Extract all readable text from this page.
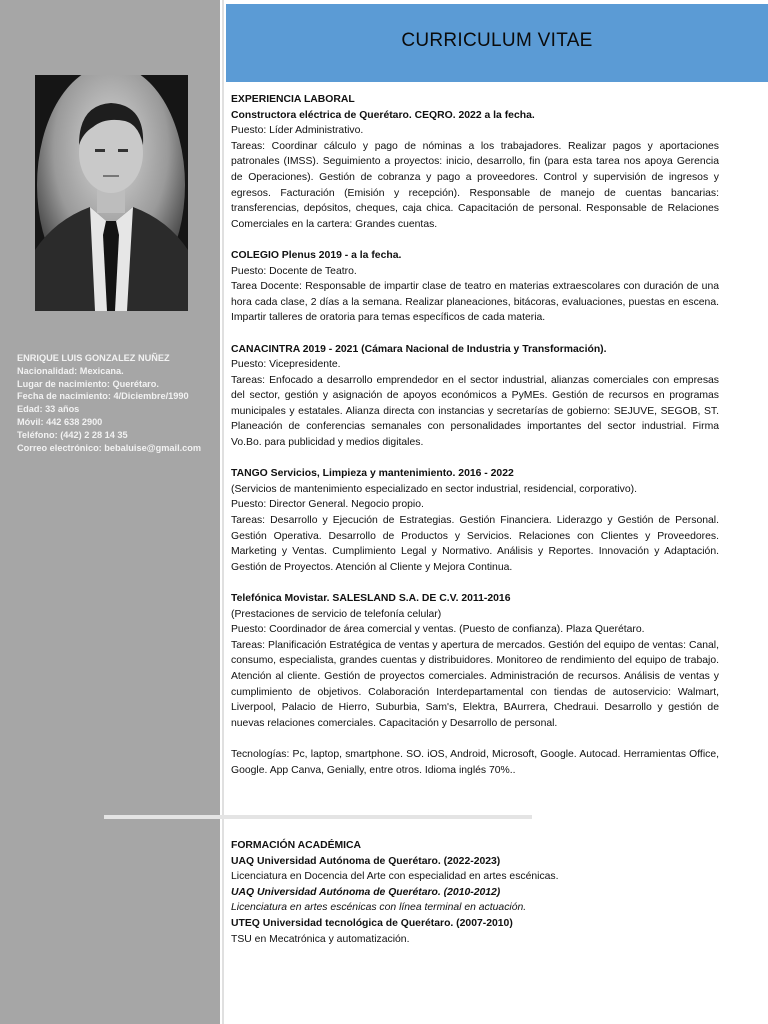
ENRIQUE LUIS GONZALEZ NUÑEZ
Nacionalidad: Mexicana.
Lugar de nacimiento: Querétaro.
Fecha de nacimiento: 4/Diciembre/1990
Edad: 33 años
Móvil: 442 638 2900
Teléfono: (442) 2 28 14 35
Correo electrónico: bebaluise@gmail.com
CURRICULUM VITAE

EXPERIENCIA LABORAL

Constructora eléctrica de Querétaro. CEQRO. 2022 a la fecha.

Puesto: Líder Administrativo.

Tareas: Coordinar cálculo y pago de nóminas a los trabajadores. Realizar pagos y aportaciones patronales (IMSS). Seguimiento a proyectos: inicio, desarrollo, fin (para esta tarea nos apoya Gerencia de Operaciones). Gestión de cobranza y pago a proveedores. Control y supervisión de ingresos y egresos. Facturación (Emisión y recepción). Responsable de manejo de cuentas bancarias: transferencias, depósitos, cheques, caja chica. Capacitación de personal. Responsable de Relaciones Comerciales en la cartera: Grandes cuentas.

COLEGIO Plenus 2019 - a la fecha.

Puesto: Docente de Teatro.

Tarea Docente: Responsable de impartir clase de teatro en materias extraescolares con duración de una hora cada clase, 2 días a la semana. Realizar planeaciones, bitácoras, evaluaciones, puestas en escena. Impartir talleres de oratoria para temas específicos de cada materia.

CANACINTRA 2019 - 2021 (Cámara Nacional de Industria y Transformación).

Puesto: Vicepresidente.

Tareas: Enfocado a desarrollo emprendedor en el sector industrial, alianzas comerciales con empresas del sector, gestión y asignación de apoyos económicos a PyMEs. Gestión de recursos en programas municipales y estatales. Alianza directa con instancias y secretarías de gobierno: SEJUVE, SEGOB, ST. Planeación de conferencias semanales con personalidades importantes del sector industrial. Firma Vo.Bo. para publicidad y medios digitales.

TANGO Servicios, Limpieza y mantenimiento. 2016 - 2022

(Servicios de mantenimiento especializado en sector industrial, residencial, corporativo).

Puesto: Director General. Negocio propio.

Tareas: Desarrollo y Ejecución de Estrategias. Gestión Financiera. Liderazgo y Gestión de Personal. Gestión Operativa. Desarrollo de Productos y Servicios. Relaciones con Clientes y Proveedores. Marketing y Ventas. Cumplimiento Legal y Normativo. Análisis y Reportes. Innovación y Adaptación. Gestión de Proyectos. Atención al Cliente y Mejora Continua.

Telefónica Movistar. SALESLAND S.A. DE C.V. 2011-2016

(Prestaciones de servicio de telefonía celular)

Puesto: Coordinador de área comercial y ventas. (Puesto de confianza). Plaza Querétaro.

Tareas: Planificación Estratégica de ventas y apertura de mercados. Gestión del equipo de ventas: Canal, consumo, especialista, grandes cuentas y distribuidores. Monitoreo de rendimiento del equipo de trabajo. Atención al cliente. Gestión de proyectos comerciales. Administración de recursos. Análisis de ventas y cumplimiento de objetivos. Colaboración Interdepartamental con tiendas de autoservicio: Walmart, Liverpool, Palacio de Hierro, Suburbia, Sam's, Elektra, BAurrera, Chedraui. Desarrollo y gestión de nuevas relaciones comerciales. Capacitación y Desarrollo de personal.

Tecnologías: Pc, laptop, smartphone. SO. iOS, Android, Microsoft, Google. Autocad. Herramientas Office, Google. App Canva, Genially, entre otros. Idioma inglés 70%..

FORMACIÓN ACADÉMICA
UAQ Universidad Autónoma de Querétaro. (2022-2023)
Licenciatura en Docencia del Arte con especialidad en artes escénicas.
UAQ Universidad Autónoma de Querétaro. (2010-2012)
Licenciatura en artes escénicas con línea terminal en actuación.
UTEQ Universidad tecnológica de Querétaro. (2007-2010)
TSU en Mecatrónica y automatización.
